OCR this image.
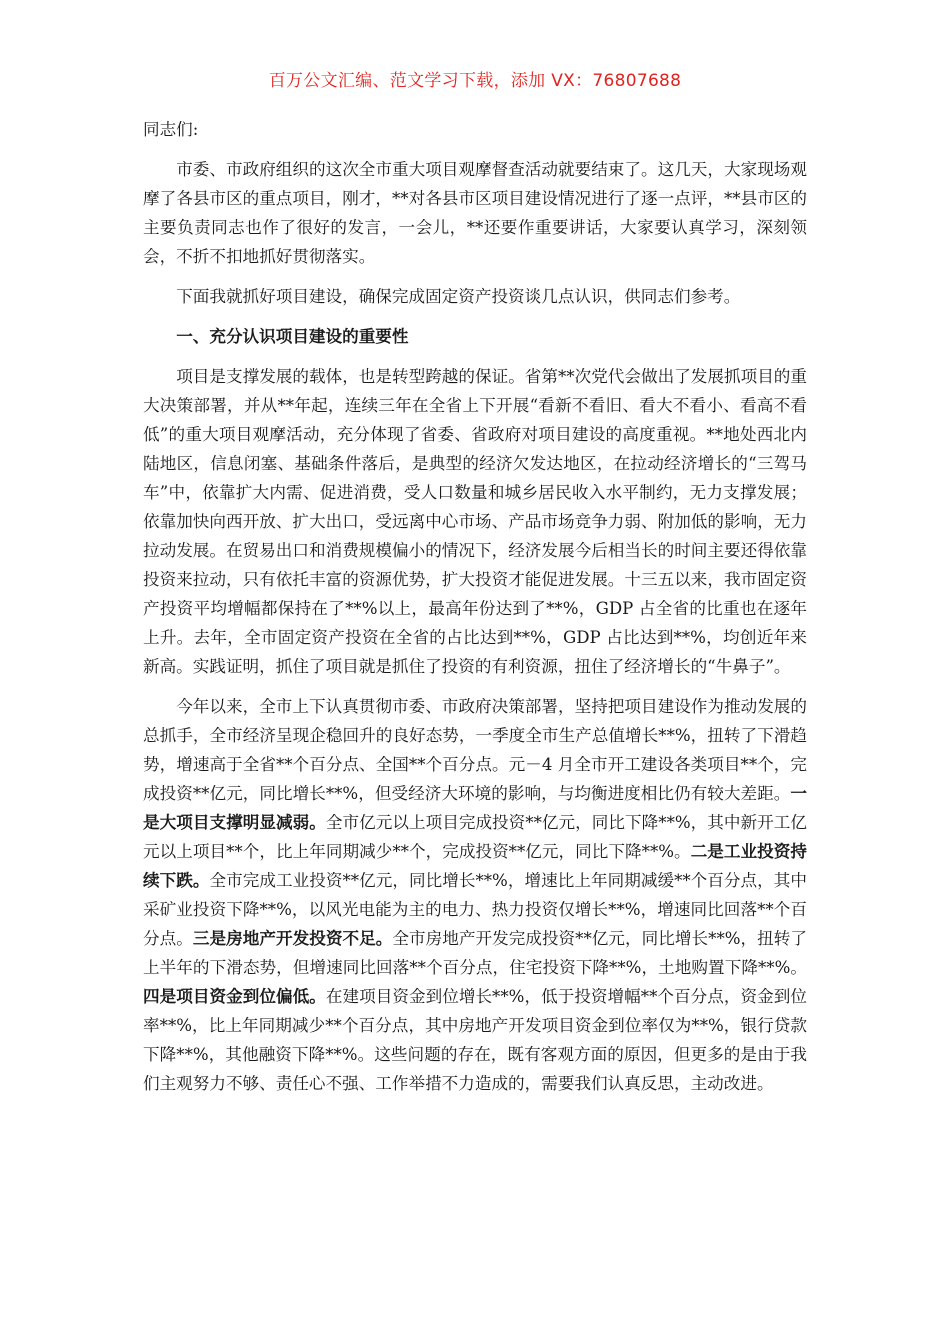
百万公文汇编、范文学习下载，添加 VX：76807688

同志们:

市委、市政府组织的这次全市重大项目观摩督查活动就要结束了。这几天，大家现场观摩了各县市区的重点项目，刚才，**对各县市区项目建设情况进行了逐一点评，**县市区的主要负责同志也作了很好的发言，一会儿，**还要作重要讲话，大家要认真学习，深刻领会，不折不扣地抓好贯彻落实。

下面我就抓好项目建设，确保完成固定资产投资谈几点认识，供同志们参考。

一、充分认识项目建设的重要性

项目是支撑发展的载体，也是转型跨越的保证。省第**次党代会做出了发展抓项目的重大决策部署，并从**年起，连续三年在全省上下开展“看新不看旧、看大不看小、看高不看低”的重大项目观摩活动，充分体现了省委、省政府对项目建设的高度重视。**地处西北内陆地区，信息闭塞、基础条件落后，是典型的经济欠发达地区，在拉动经济增长的“三驾马车”中，依靠扩大内需、促进消费，受人口数量和城乡居民收入水平制约，无力支撑发展；依靠加快向西开放、扩大出口，受远离中心市场、产品市场竞争力弱、附加低的影响，无力拉动发展。在贸易出口和消费规模偏小的情况下，经济发展今后相当长的时间主要还得依靠投资来拉动，只有依托丰富的资源优势，扩大投资才能促进发展。十三五以来，我市固定资产投资平均增幅都保持在了**%以上，最高年份达到了**%，GDP 占全省的比重也在逐年上升。去年，全市固定资产投资在全省的占比达到**%，GDP 占比达到**%，均创近年来新高。实践证明，抓住了项目就是抓住了投资的有利资源，扭住了经济增长的“牛鼻子”。

今年以来，全市上下认真贯彻市委、市政府决策部署，坚持把项目建设作为推动发展的总抓手，全市经济呈现企稳回升的良好态势，一季度全市生产总值增长**%，扭转了下滑趋势，增速高于全省**个百分点、全国**个百分点。元－4 月全市开工建设各类项目**个，完成投资**亿元，同比增长**%，但受经济大环境的影响，与均衡进度相比仍有较大差距。一是大项目支撑明显减弱。全市亿元以上项目完成投资**亿元，同比下降**%，其中新开工亿元以上项目**个，比上年同期减少**个，完成投资**亿元，同比下降**%。二是工业投资持续下跌。全市完成工业投资**亿元，同比增长**%，增速比上年同期减缓**个百分点，其中采矿业投资下降**%，以风光电能为主的电力、热力投资仅增长**%，增速同比回落**个百分点。三是房地产开发投资不足。全市房地产开发完成投资**亿元，同比增长**%，扭转了上半年的下滑态势，但增速同比回落**个百分点，住宅投资下降**%，土地购置下降**%。四是项目资金到位偏低。在建项目资金到位增长**%，低于投资增幅**个百分点，资金到位率**%，比上年同期减少**个百分点，其中房地产开发项目资金到位率仅为**%，银行贷款下降**%，其他融资下降**%。这些问题的存在，既有客观方面的原因，但更多的是由于我们主观努力不够、责任心不强、工作举措不力造成的，需要我们认真反思，主动改进。
